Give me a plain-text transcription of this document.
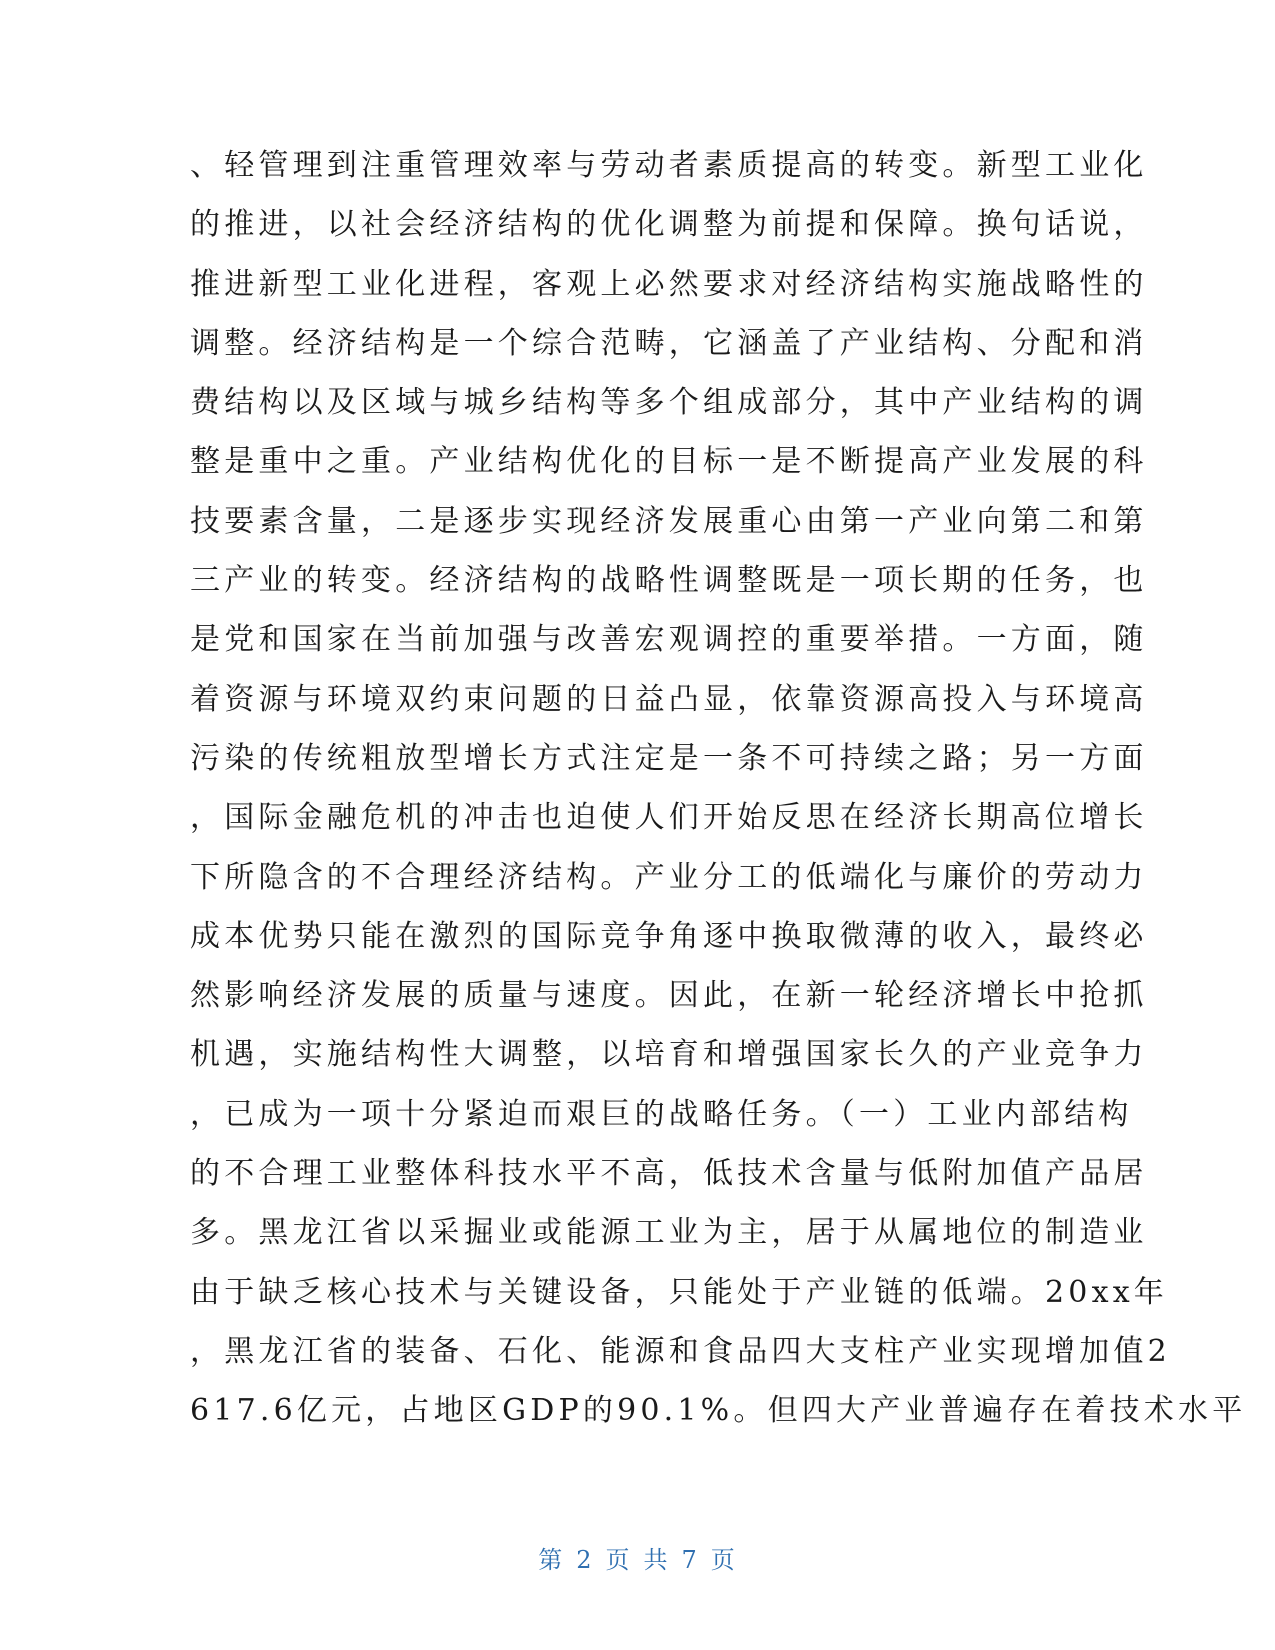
、轻管理到注重管理效率与劳动者素质提高的转变。新型工业化
的推进，以社会经济结构的优化调整为前提和保障。换句话说，
推进新型工业化进程，客观上必然要求对经济结构实施战略性的
调整。经济结构是一个综合范畴，它涵盖了产业结构、分配和消
费结构以及区域与城乡结构等多个组成部分，其中产业结构的调
整是重中之重。产业结构优化的目标一是不断提高产业发展的科
技要素含量，二是逐步实现经济发展重心由第一产业向第二和第
三产业的转变。经济结构的战略性调整既是一项长期的任务，也
是党和国家在当前加强与改善宏观调控的重要举措。一方面，随
着资源与环境双约束问题的日益凸显，依靠资源高投入与环境高
污染的传统粗放型增长方式注定是一条不可持续之路；另一方面
，国际金融危机的冲击也迫使人们开始反思在经济长期高位增长
下所隐含的不合理经济结构。产业分工的低端化与廉价的劳动力
成本优势只能在激烈的国际竞争角逐中换取微薄的收入，最终必
然影响经济发展的质量与速度。因此，在新一轮经济增长中抢抓
机遇，实施结构性大调整，以培育和增强国家长久的产业竞争力
，已成为一项十分紧迫而艰巨的战略任务。（一）工业内部结构
的不合理工业整体科技水平不高，低技术含量与低附加值产品居
多。黑龙江省以采掘业或能源工业为主，居于从属地位的制造业
由于缺乏核心技术与关键设备，只能处于产业链的低端。20xx年
，黑龙江省的装备、石化、能源和食品四大支柱产业实现增加值2
617.6亿元，占地区GDP的90.1%。但四大产业普遍存在着技术水平
第 2 页 共 7 页
